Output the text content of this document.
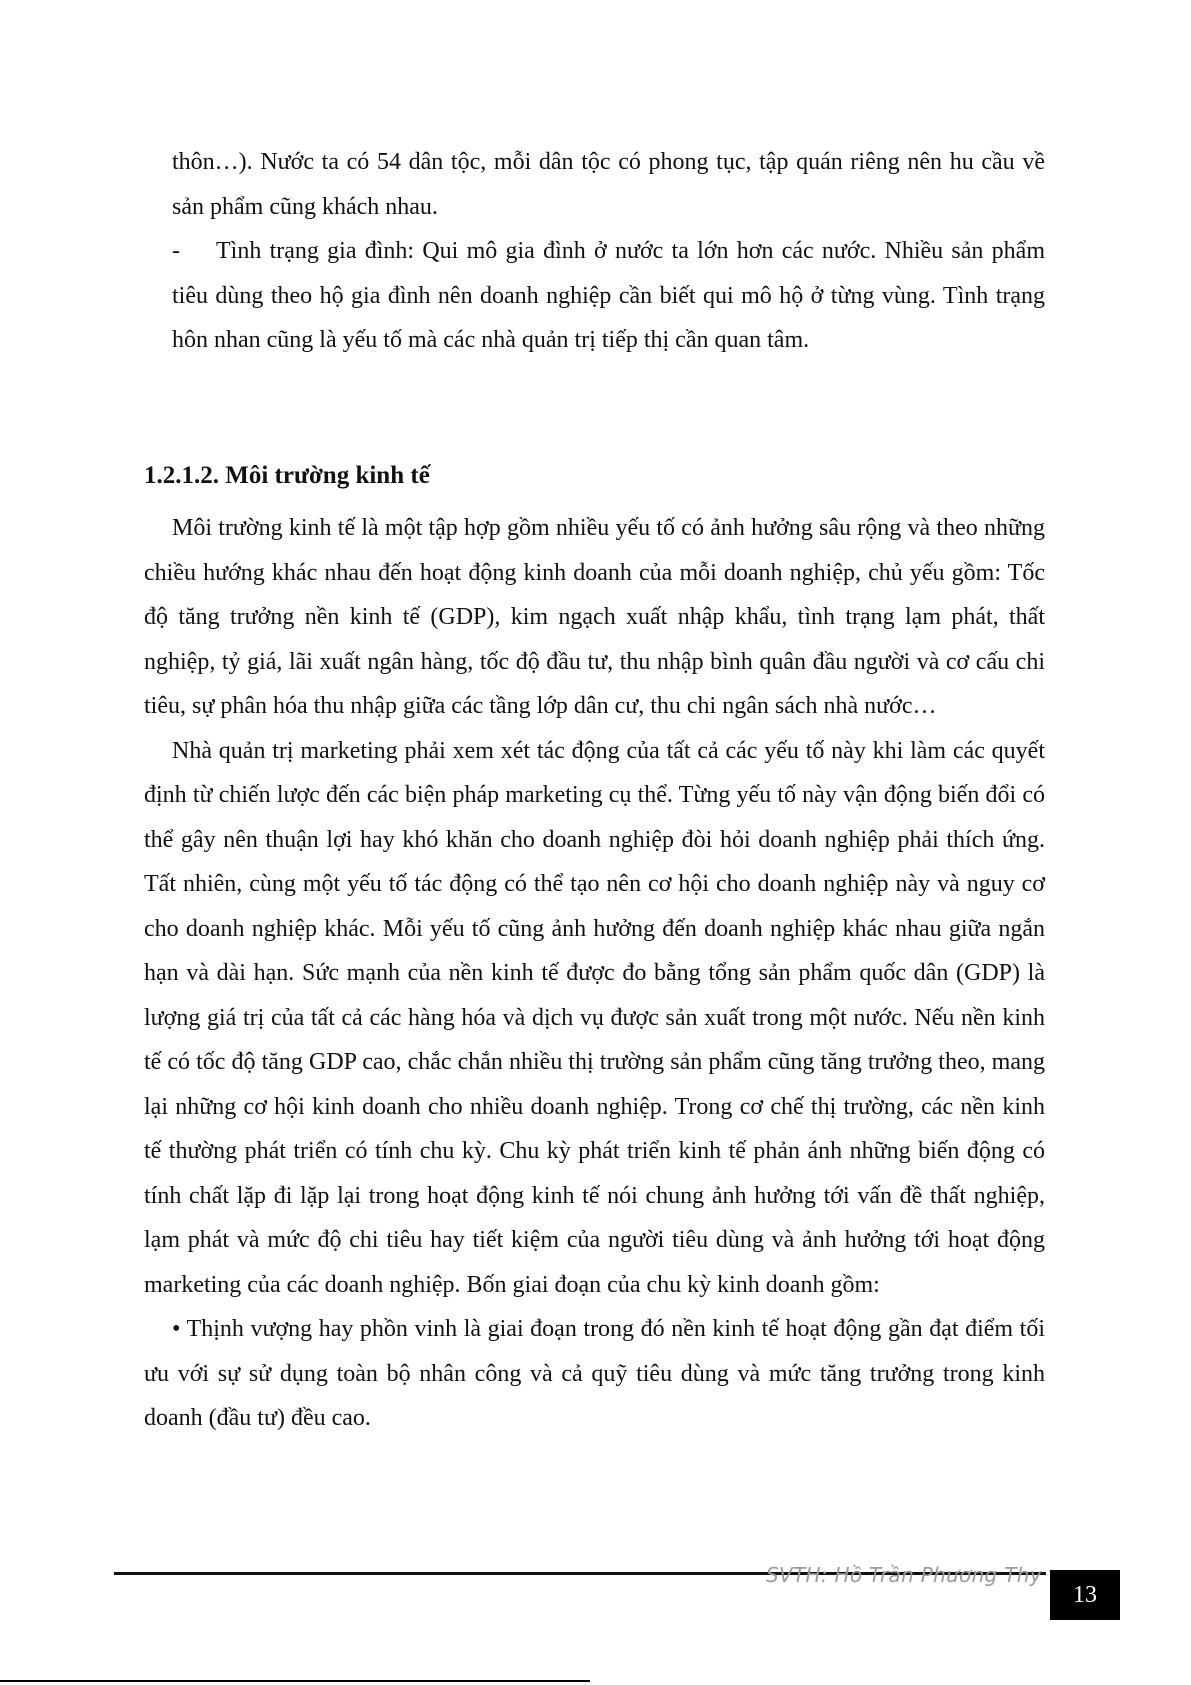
thôn…). Nước ta có 54 dân tộc, mỗi dân tộc có phong tục, tập quán riêng nên hu cầu về sản phẩm cũng khách nhau.

-	Tình trạng gia đình: Qui mô gia đình ở nước ta lớn hơn các nước. Nhiều sản phẩm tiêu dùng theo hộ gia đình nên doanh nghiệp cần biết qui mô hộ ở từng vùng. Tình trạng hôn nhan cũng là yếu tố mà các nhà quản trị tiếp thị cần quan tâm.

1.2.1.2. Môi trường kinh tế

Môi trường kinh tế là một tập hợp gồm nhiều yếu tố có ảnh hưởng sâu rộng và theo những chiều hướng khác nhau đến hoạt động kinh doanh của mỗi doanh nghiệp, chủ yếu gồm: Tốc độ tăng trưởng nền kinh tế (GDP), kim ngạch xuất nhập khẩu, tình trạng lạm phát, thất nghiệp, tỷ giá, lãi xuất ngân hàng, tốc độ đầu tư, thu nhập bình quân đầu người và cơ cấu chi tiêu, sự phân hóa thu nhập giữa các tầng lớp dân cư, thu chi ngân sách nhà nước…

Nhà quản trị marketing phải xem xét tác động của tất cả các yếu tố này khi làm các quyết định từ chiến lược đến các biện pháp marketing cụ thể. Từng yếu tố này vận động biến đổi có thể gây nên thuận lợi hay khó khăn cho doanh nghiệp đòi hỏi doanh nghiệp phải thích ứng. Tất nhiên, cùng một yếu tố tác động có thể tạo nên cơ hội cho doanh nghiệp này và nguy cơ cho doanh nghiệp khác. Mỗi yếu tố cũng ảnh hưởng đến doanh nghiệp khác nhau giữa ngắn hạn và dài hạn. Sức mạnh của nền kinh tế được đo bằng tổng sản phẩm quốc dân (GDP) là lượng giá trị của tất cả các hàng hóa và dịch vụ được sản xuất trong một nước. Nếu nền kinh tế có tốc độ tăng GDP cao, chắc chắn nhiều thị trường sản phẩm cũng tăng trưởng theo, mang lại những cơ hội kinh doanh cho nhiều doanh nghiệp. Trong cơ chế thị trường, các nền kinh tế thường phát triển có tính chu kỳ. Chu kỳ phát triển kinh tế phản ánh những biến động có tính chất lặp đi lặp lại trong hoạt động kinh tế nói chung ảnh hưởng tới vấn đề thất nghiệp, lạm phát và mức độ chi tiêu hay tiết kiệm của người tiêu dùng và ảnh hưởng tới hoạt động marketing của các doanh nghiệp. Bốn giai đoạn của chu kỳ kinh doanh gồm:

• Thịnh vượng hay phồn vinh là giai đoạn trong đó nền kinh tế hoạt động gần đạt điểm tối ưu với sự sử dụng toàn bộ nhân công và cả quỹ tiêu dùng và mức tăng trưởng trong kinh doanh (đầu tư) đều cao.

SVTH: Hồ Trần Phương Thy
13
